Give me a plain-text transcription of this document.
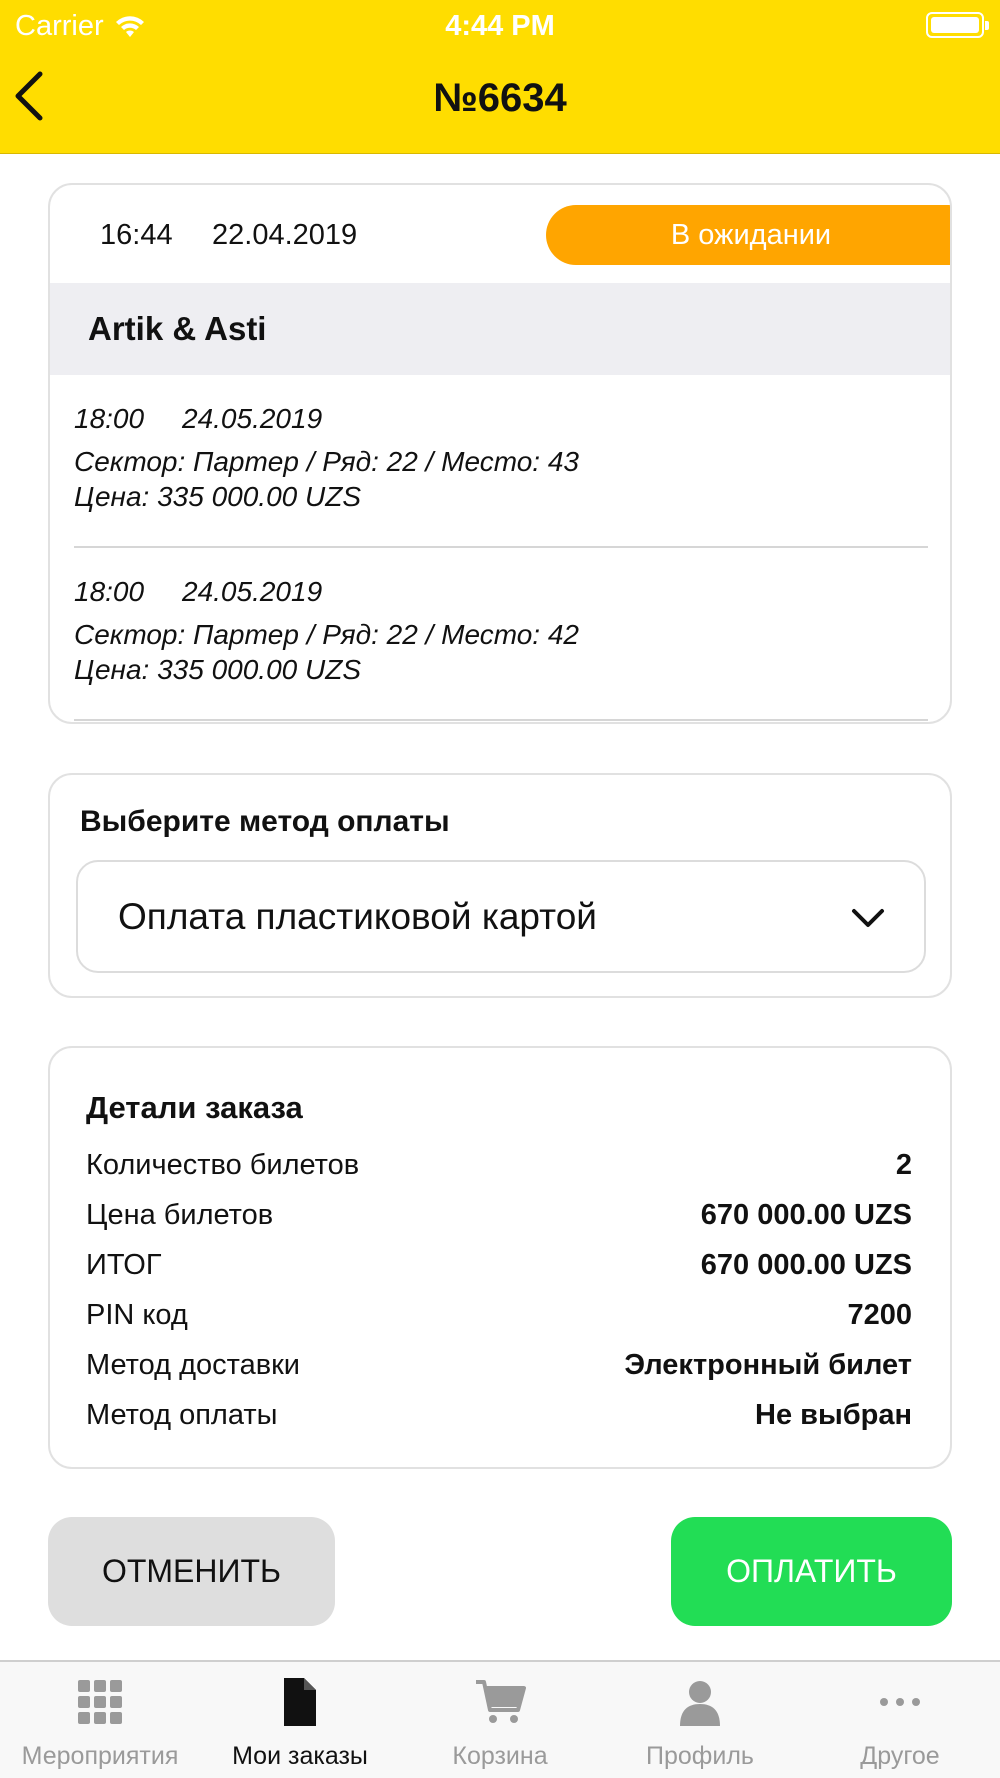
Carrier	4:44 PM
№6634
16:44 22.04.2019	В ожидании
Artik & Asti
18:00 24.05.2019
Сектор: Партер / Ряд: 22 / Место: 43
Цена: 335 000.00 UZS
18:00 24.05.2019
Сектор: Партер / Ряд: 22 / Место: 42
Цена: 335 000.00 UZS
Выберите метод оплаты
Оплата пластиковой картой
Детали заказа
Количество билетов	2
Цена билетов	670 000.00 UZS
ИТОГ	670 000.00 UZS
PIN код	7200
Метод доставки	Электронный билет
Метод оплаты	Не выбран
ОТМЕНИТЬ	ОПЛАТИТЬ
Мероприятия	Мои заказы	Корзина	Профиль	Другое
